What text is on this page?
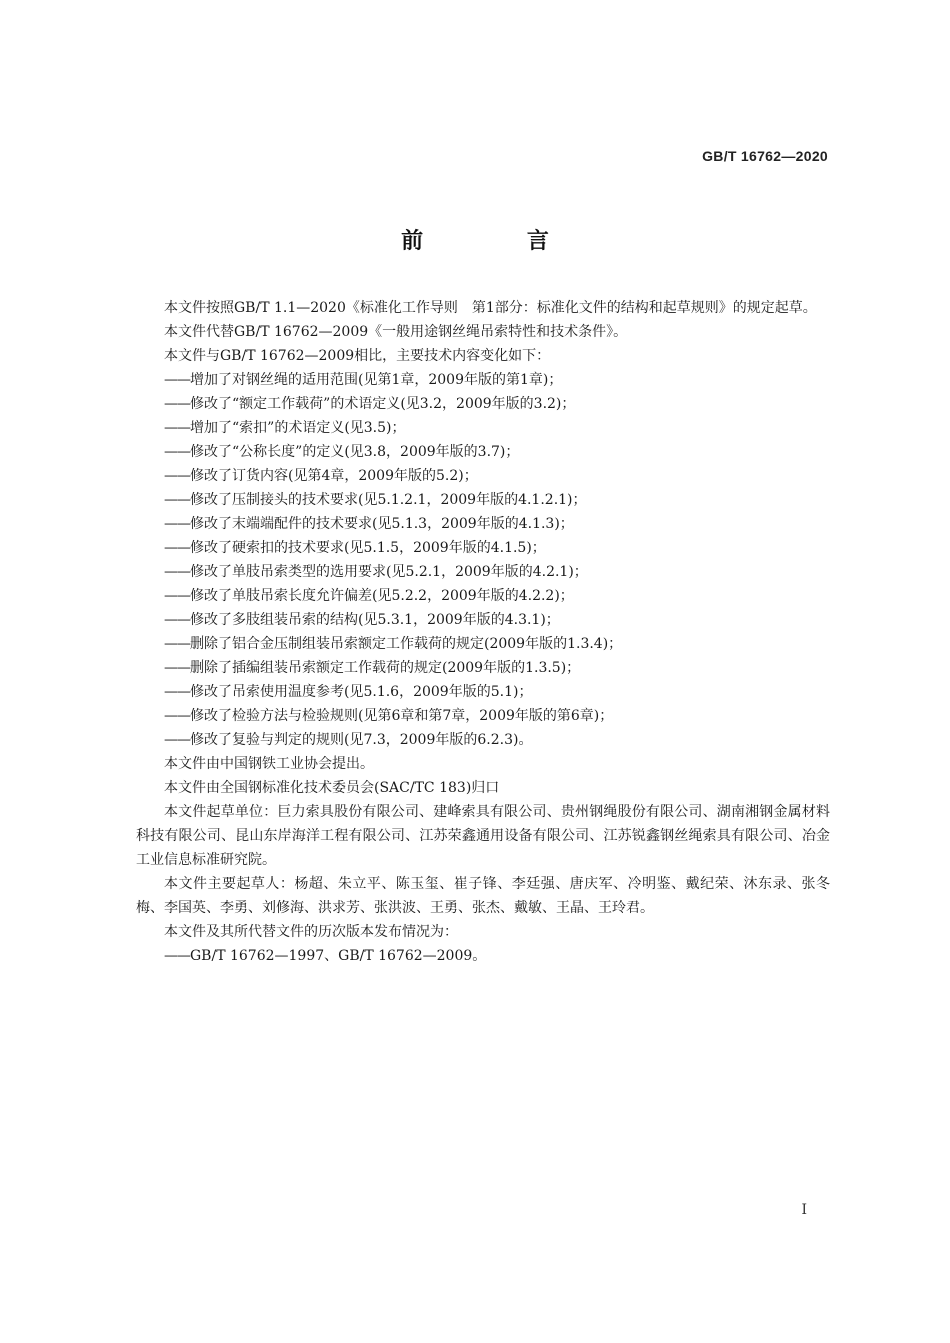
GB/T 16762—2020
前 言

本文件按照GB/T 1.1—2020《标准化工作导则　第1部分：标准化文件的结构和起草规则》的规定起草。

本文件代替GB/T 16762—2009《一般用途钢丝绳吊索特性和技术条件》。

本文件与GB/T 16762—2009相比，主要技术内容变化如下：

—— 增加了对钢丝绳的适用范围(见第1章，2009年版的第1章)；

—— 修改了“额定工作载荷”的术语定义(见3.2，2009年版的3.2)；

—— 增加了“索扣”的术语定义(见3.5)；

—— 修改了“公称长度”的定义(见3.8，2009年版的3.7)；

—— 修改了订货内容(见第4章，2009年版的5.2)；

—— 修改了压制接头的技术要求(见5.1.2.1，2009年版的4.1.2.1)；

—— 修改了末端端配件的技术要求(见5.1.3，2009年版的4.1.3)；

—— 修改了硬索扣的技术要求(见5.1.5，2009年版的4.1.5)；

—— 修改了单肢吊索类型的选用要求(见5.2.1，2009年版的4.2.1)；

—— 修改了单肢吊索长度允许偏差(见5.2.2，2009年版的4.2.2)；

—— 修改了多肢组装吊索的结构(见5.3.1，2009年版的4.3.1)；

—— 删除了铝合金压制组装吊索额定工作载荷的规定(2009年版的1.3.4)；

—— 删除了插编组装吊索额定工作载荷的规定(2009年版的1.3.5)；

—— 修改了吊索使用温度参考(见5.1.6，2009年版的5.1)；

—— 修改了检验方法与检验规则(见第6章和第7章，2009年版的第6章)；

—— 修改了复验与判定的规则(见7.3，2009年版的6.2.3)。

本文件由中国钢铁工业协会提出。

本文件由全国钢标准化技术委员会(SAC/TC 183)归口

本文件起草单位：巨力索具股份有限公司、建峰索具有限公司、贵州钢绳股份有限公司、湖南湘钢金属材料科技有限公司、昆山东岸海洋工程有限公司、江苏荣鑫通用设备有限公司、江苏锐鑫钢丝绳索具有限公司、冶金工业信息标准研究院。

本文件主要起草人：杨超、朱立平、陈玉玺、崔子锋、李廷强、唐庆军、冷明鉴、戴纪荣、沐东录、张冬梅、李国英、李勇、刘修海、洪求芳、张洪波、王勇、张杰、戴敏、王晶、王玲君。

本文件及其所代替文件的历次版本发布情况为：

—— GB/T 16762—1997、GB/T 16762—2009。

I
